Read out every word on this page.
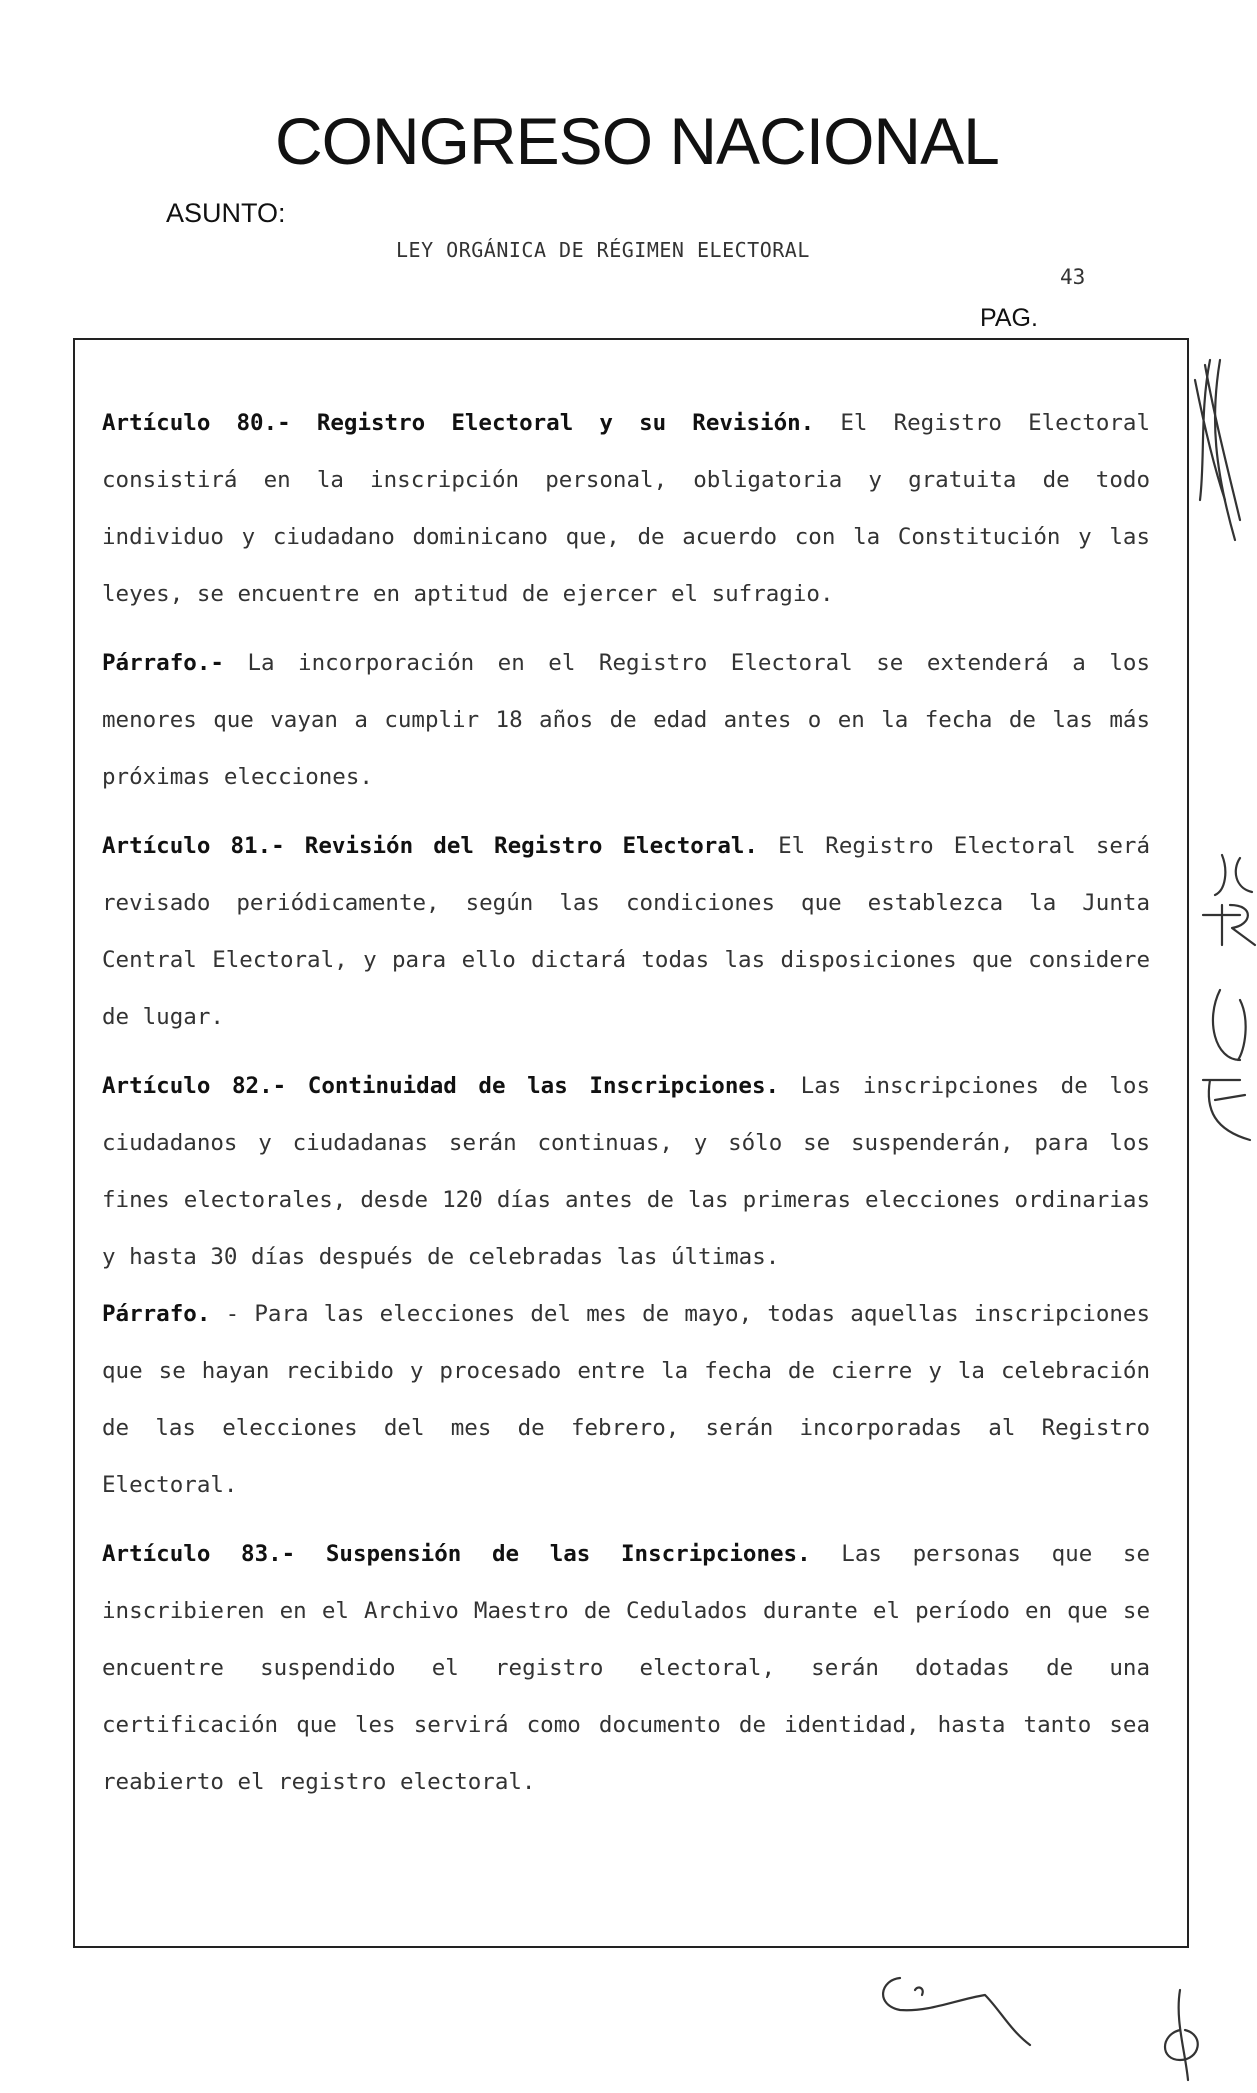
CONGRESO NACIONAL
ASUNTO:
LEY ORGÁNICA DE RÉGIMEN ELECTORAL
43
PAG.

Artículo 80.- Registro Electoral y su Revisión. El Registro Electoral consistirá en la inscripción personal, obligatoria y gratuita de todo individuo y ciudadano dominicano que, de acuerdo con la Constitución y las leyes, se encuentre en aptitud de ejercer el sufragio.

Párrafo.- La incorporación en el Registro Electoral se extenderá a los menores que vayan a cumplir 18 años de edad antes o en la fecha de las más próximas elecciones.

Artículo 81.- Revisión del Registro Electoral. El Registro Electoral será revisado periódicamente, según las condiciones que establezca la Junta Central Electoral, y para ello dictará todas las disposiciones que considere de lugar.

Artículo 82.- Continuidad de las Inscripciones. Las inscripciones de los ciudadanos y ciudadanas serán continuas, y sólo se suspenderán, para los fines electorales, desde 120 días antes de las primeras elecciones ordinarias y hasta 30 días después de celebradas las últimas.

Párrafo. - Para las elecciones del mes de mayo, todas aquellas inscripciones que se hayan recibido y procesado entre la fecha de cierre y la celebración de las elecciones del mes de febrero, serán incorporadas al Registro Electoral.

Artículo 83.- Suspensión de las Inscripciones. Las personas que se inscribieren en el Archivo Maestro de Cedulados durante el período en que se encuentre suspendido el registro electoral, serán dotadas de una certificación que les servirá como documento de identidad, hasta tanto sea reabierto el registro electoral.
